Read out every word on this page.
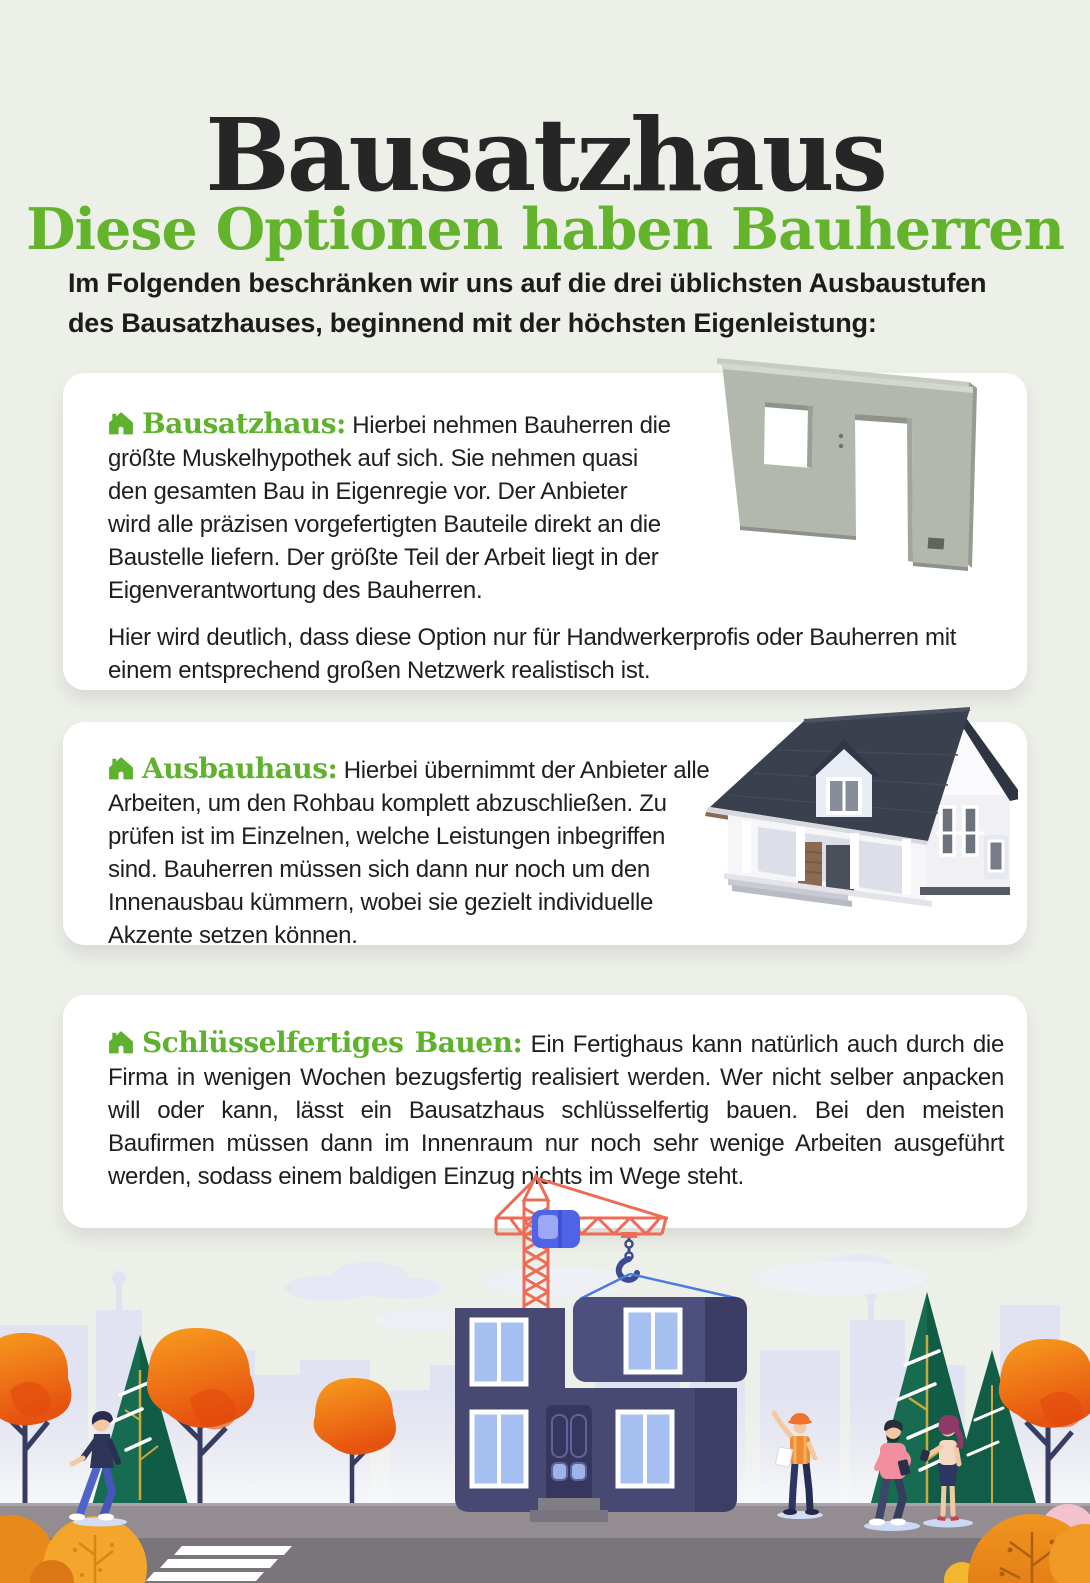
Bausatzhaus
Diese Optionen haben Bauherren

Im Folgenden beschränken wir uns auf die drei üblichsten Ausbaustufen des Bausatzhauses, beginnend mit der höchsten Eigenleistung:

Bausatzhaus: Hierbei nehmen Bauherren die größte Muskelhypothek auf sich. Sie nehmen quasi den gesamten Bau in Eigenregie vor. Der Anbieter wird alle präzisen vorgefertigten Bauteile direkt an die Baustelle liefern. Der größte Teil der Arbeit liegt in der Eigenverantwortung des Bauherren.

Hier wird deutlich, dass diese Option nur für Handwerkerprofis oder Bauherren mit einem entsprechend großen Netzwerk realistisch ist.

Ausbauhaus: Hierbei übernimmt der Anbieter alle Arbeiten, um den Rohbau komplett abzuschließen. Zu prüfen ist im Einzelnen, welche Leistungen inbegriffen sind. Bauherren müssen sich dann nur noch um den Innenausbau kümmern, wobei sie gezielt individuelle Akzente setzen können.

Schlüsselfertiges Bauen: Ein Fertighaus kann natürlich auch durch die Firma in wenigen Wochen bezugsfertig realisiert werden. Wer nicht selber anpacken will oder kann, lässt ein Bausatzhaus schlüsselfertig bauen. Bei den meisten Baufirmen müssen dann im Innenraum nur noch sehr wenige Arbeiten ausgeführt werden, sodass einem baldigen Einzug nichts im Wege steht.
